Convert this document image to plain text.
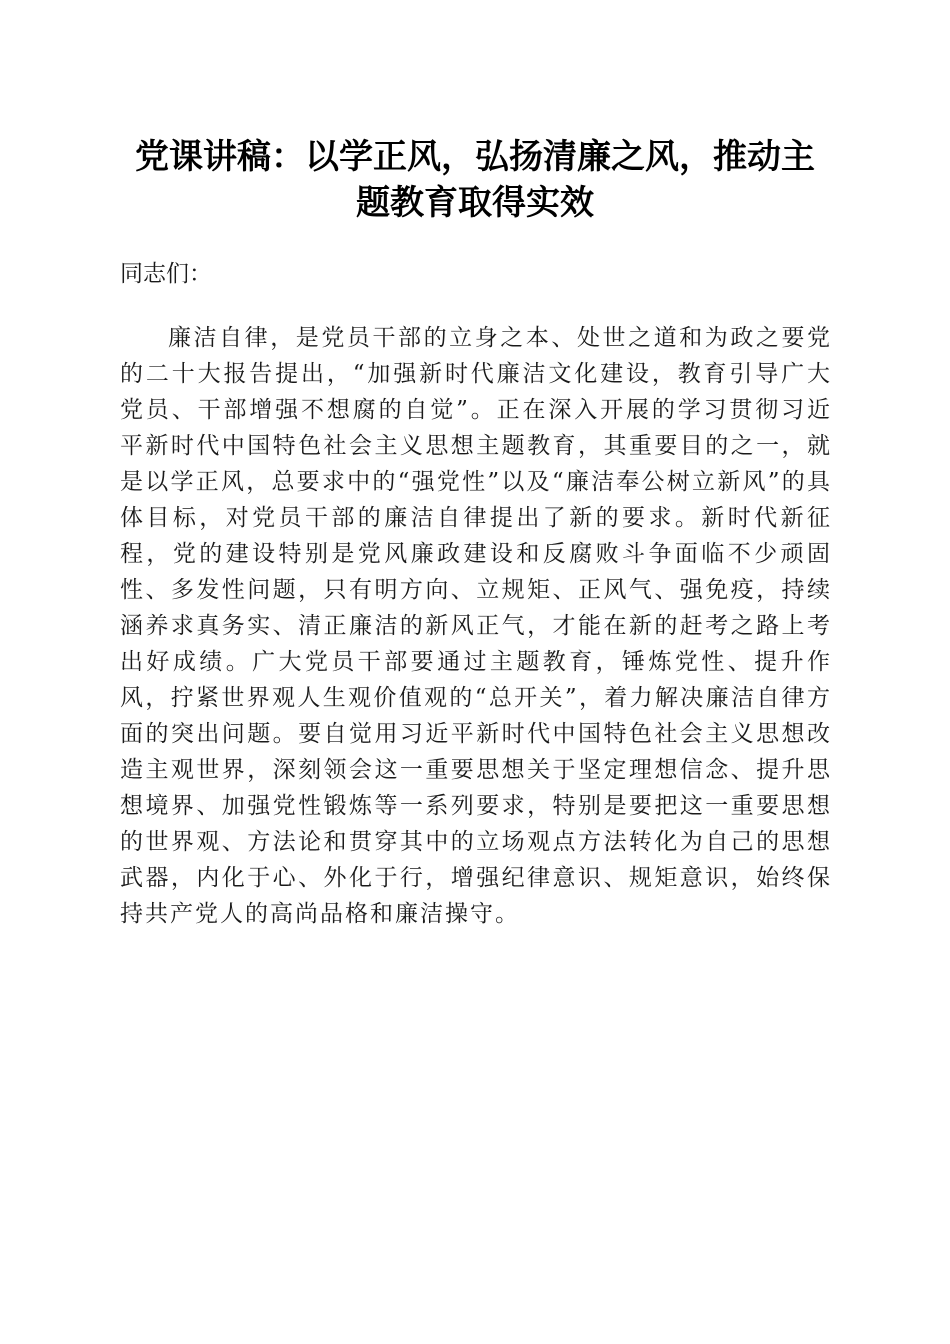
党课讲稿：以学正风，弘扬清廉之风，推动主
题教育取得实效

同志们：

廉洁自律，是党员干部的立身之本、处世之道和为政之要党的二十大报告提出，“加强新时代廉洁文化建设，教育引导广大党员、干部增强不想腐的自觉”。正在深入开展的学习贯彻习近平新时代中国特色社会主义思想主题教育，其重要目的之一，就是以学正风，总要求中的“强党性”以及“廉洁奉公树立新风”的具体目标，对党员干部的廉洁自律提出了新的要求。新时代新征程，党的建设特别是党风廉政建设和反腐败斗争面临不少顽固性、多发性问题，只有明方向、立规矩、正风气、强免疫，持续涵养求真务实、清正廉洁的新风正气，才能在新的赶考之路上考出好成绩。广大党员干部要通过主题教育，锤炼党性、提升作风，拧紧世界观人生观价值观的“总开关”，着力解决廉洁自律方面的突出问题。要自觉用习近平新时代中国特色社会主义思想改造主观世界，深刻领会这一重要思想关于坚定理想信念、提升思想境界、加强党性锻炼等一系列要求，特别是要把这一重要思想的世界观、方法论和贯穿其中的立场观点方法转化为自己的思想武器，内化于心、外化于行，增强纪律意识、规矩意识，始终保持共产党人的高尚品格和廉洁操守。
